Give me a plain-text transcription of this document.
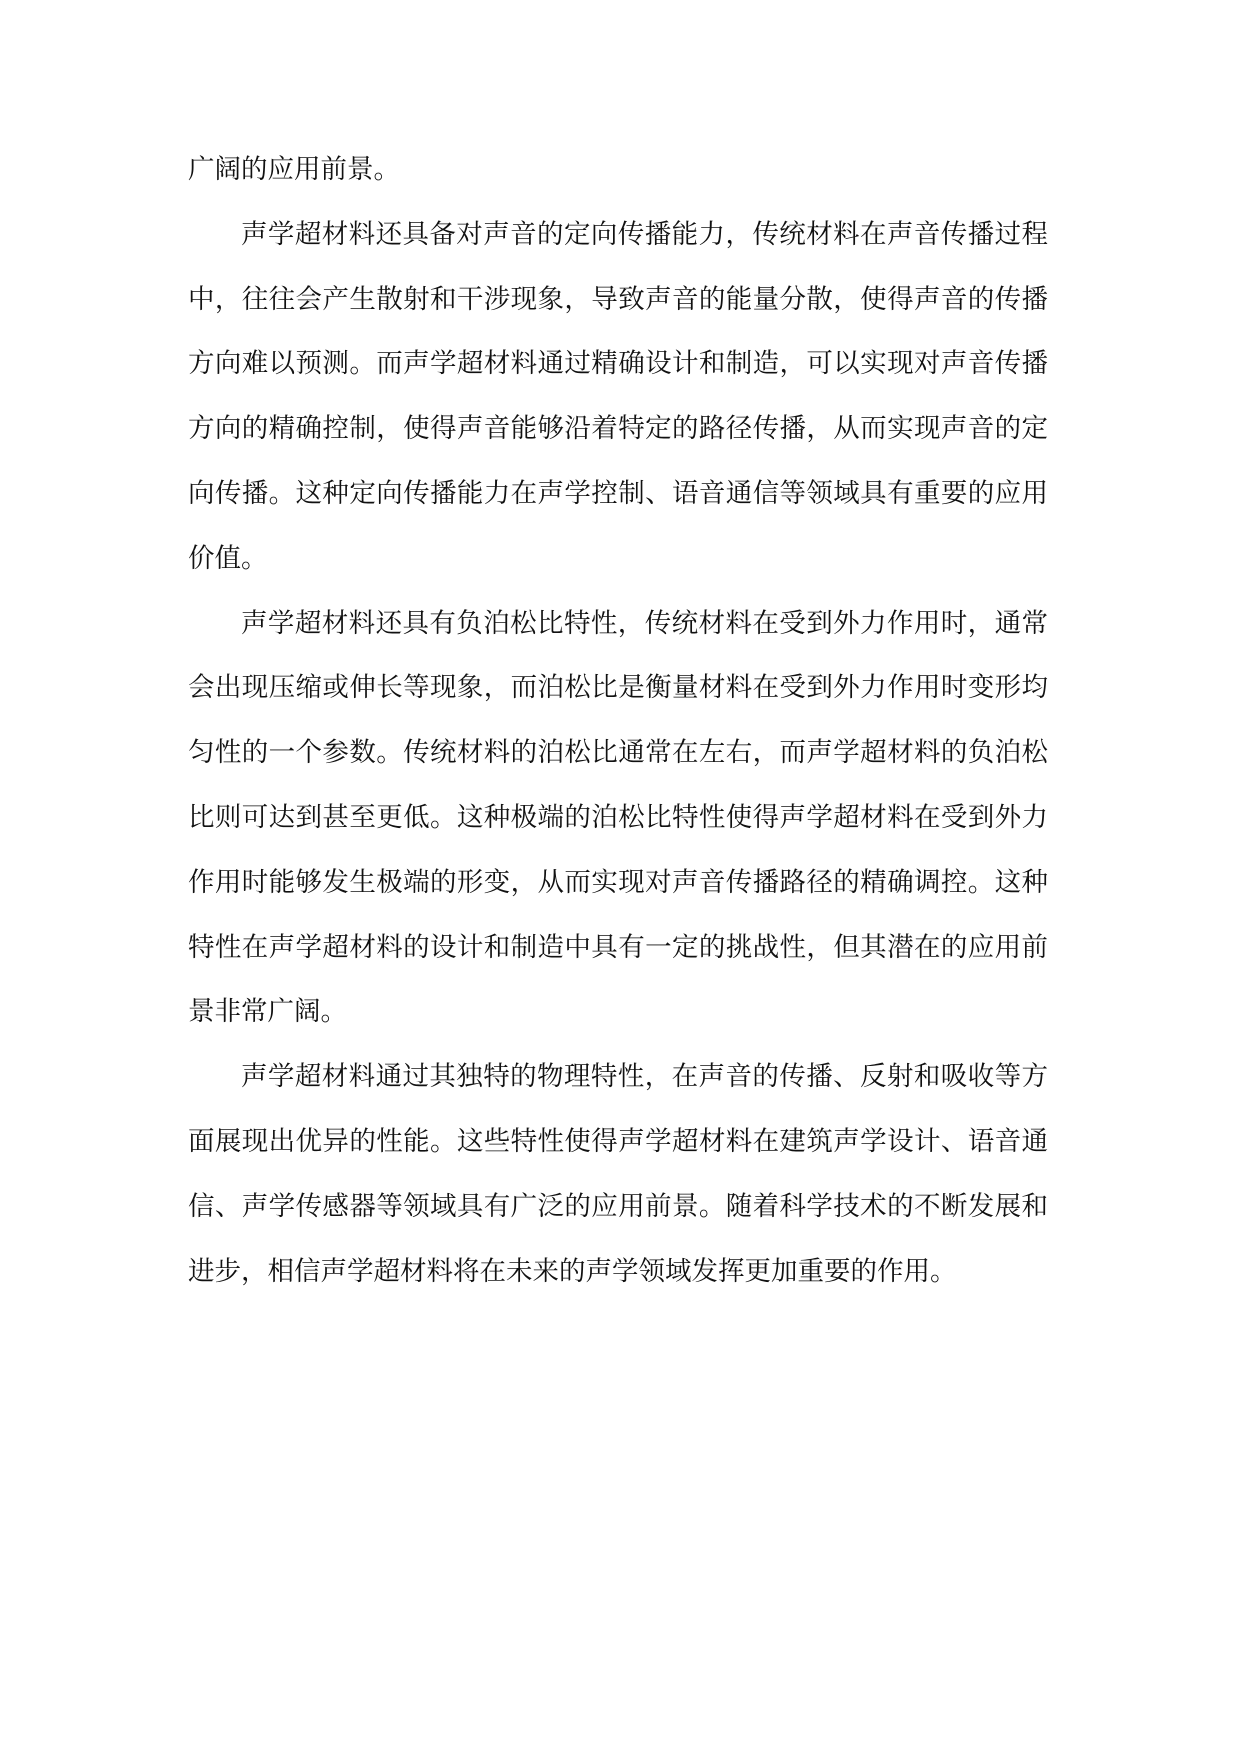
广阔的应用前景。

声学超材料还具备对声音的定向传播能力，传统材料在声音传播过程中，往往会产生散射和干涉现象，导致声音的能量分散，使得声音的传播方向难以预测。而声学超材料通过精确设计和制造，可以实现对声音传播方向的精确控制，使得声音能够沿着特定的路径传播，从而实现声音的定向传播。这种定向传播能力在声学控制、语音通信等领域具有重要的应用价值。

声学超材料还具有负泊松比特性，传统材料在受到外力作用时，通常会出现压缩或伸长等现象，而泊松比是衡量材料在受到外力作用时变形均匀性的一个参数。传统材料的泊松比通常在左右，而声学超材料的负泊松比则可达到甚至更低。这种极端的泊松比特性使得声学超材料在受到外力作用时能够发生极端的形变，从而实现对声音传播路径的精确调控。这种特性在声学超材料的设计和制造中具有一定的挑战性，但其潜在的应用前景非常广阔。

声学超材料通过其独特的物理特性，在声音的传播、反射和吸收等方面展现出优异的性能。这些特性使得声学超材料在建筑声学设计、语音通信、声学传感器等领域具有广泛的应用前景。随着科学技术的不断发展和进步，相信声学超材料将在未来的声学领域发挥更加重要的作用。
